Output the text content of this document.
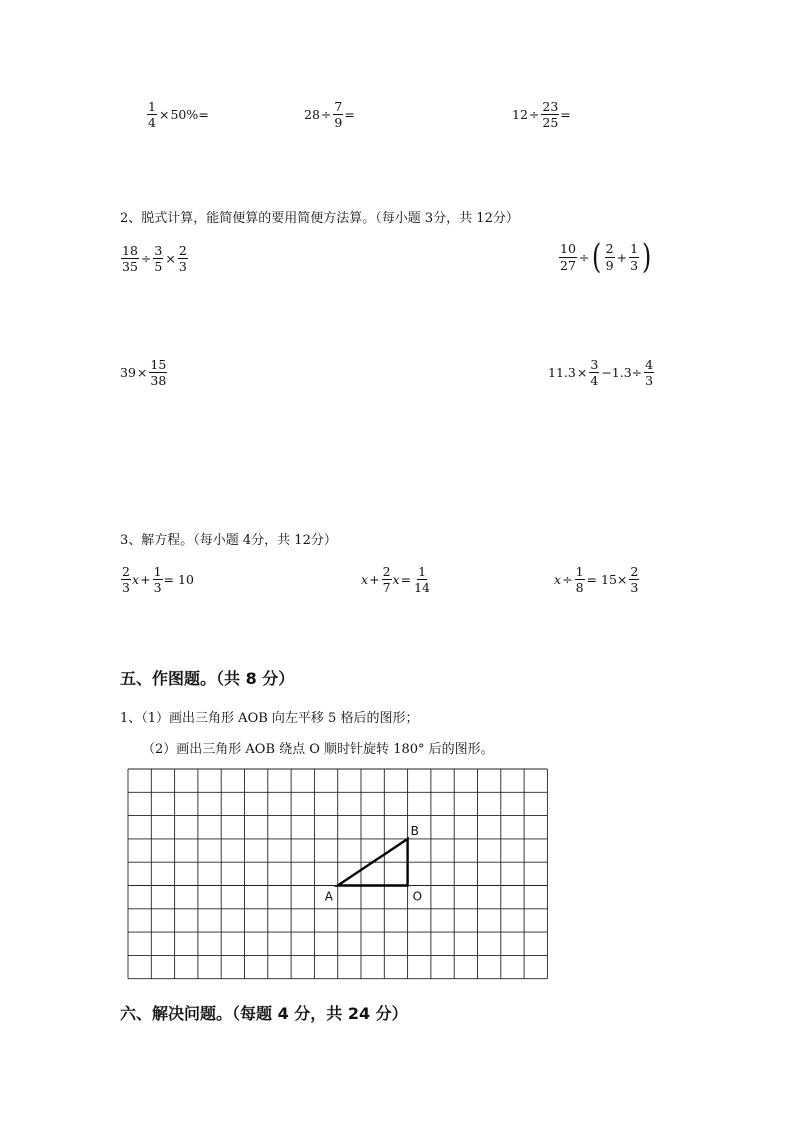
$\frac{1}{4} \times 50\%=$	$28 \div \frac{7}{9}$ =	$12 \div \frac{23}{25}$ =
2、脱式计算，能简便算的要用简便方法算。（每小题 3分，共 12分）
$\frac{18}{35} \div \frac{3}{5} \times \frac{2}{3}$	$\frac{10}{27}$ ÷ ( $\frac{2}{9} + \frac{1}{3}$ )
$39 \times \frac{15}{38}$	$11.3 \times \frac{3}{4} -1.3\div \frac{4}{3}$
3、解方程。（每小题 4分，共 12分）
$\frac{2}{3}$ $x + \frac{1}{3} = 10$	$x + \frac{2}{7}$ $x = \frac{1}{14}$	$x \div \frac{1}{8} = 15\times \frac{2}{3}$
五、作图题。（共 8 分）
1、（1）画出三角形 AOB 向左平移 5 格后的图形；
（2）画出三角形 AOB 绕点 O 顺时针旋转 180° 后的图形。
A	O
B
六、解决问题。（每题 4 分，共 24 分）
